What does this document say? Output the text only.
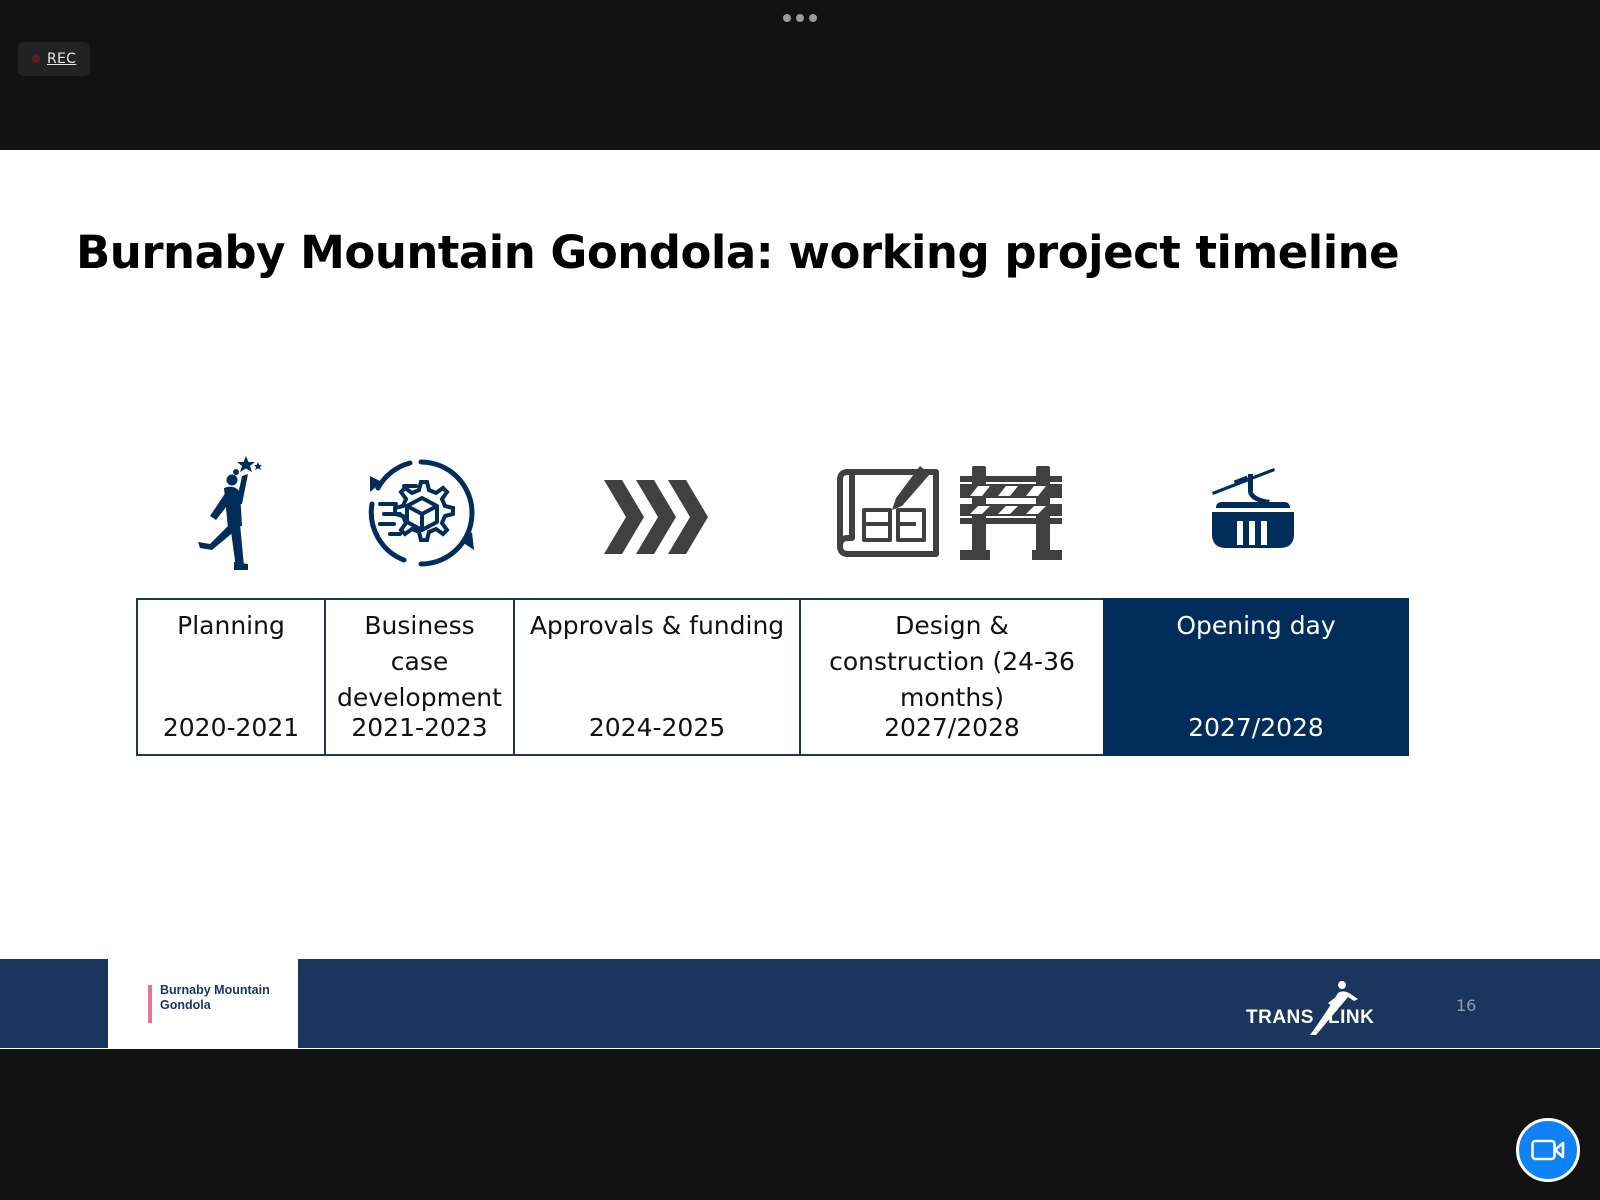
REC
Burnaby Mountain Gondola: working project timeline
Planning
2020-2021
Business case development
2021-2023
Approvals & funding
2024-2025
Design & construction (24-36 months)
2027/2028
Opening day
2027/2028
Burnaby Mountain
Gondola
TRANS LINK
16
